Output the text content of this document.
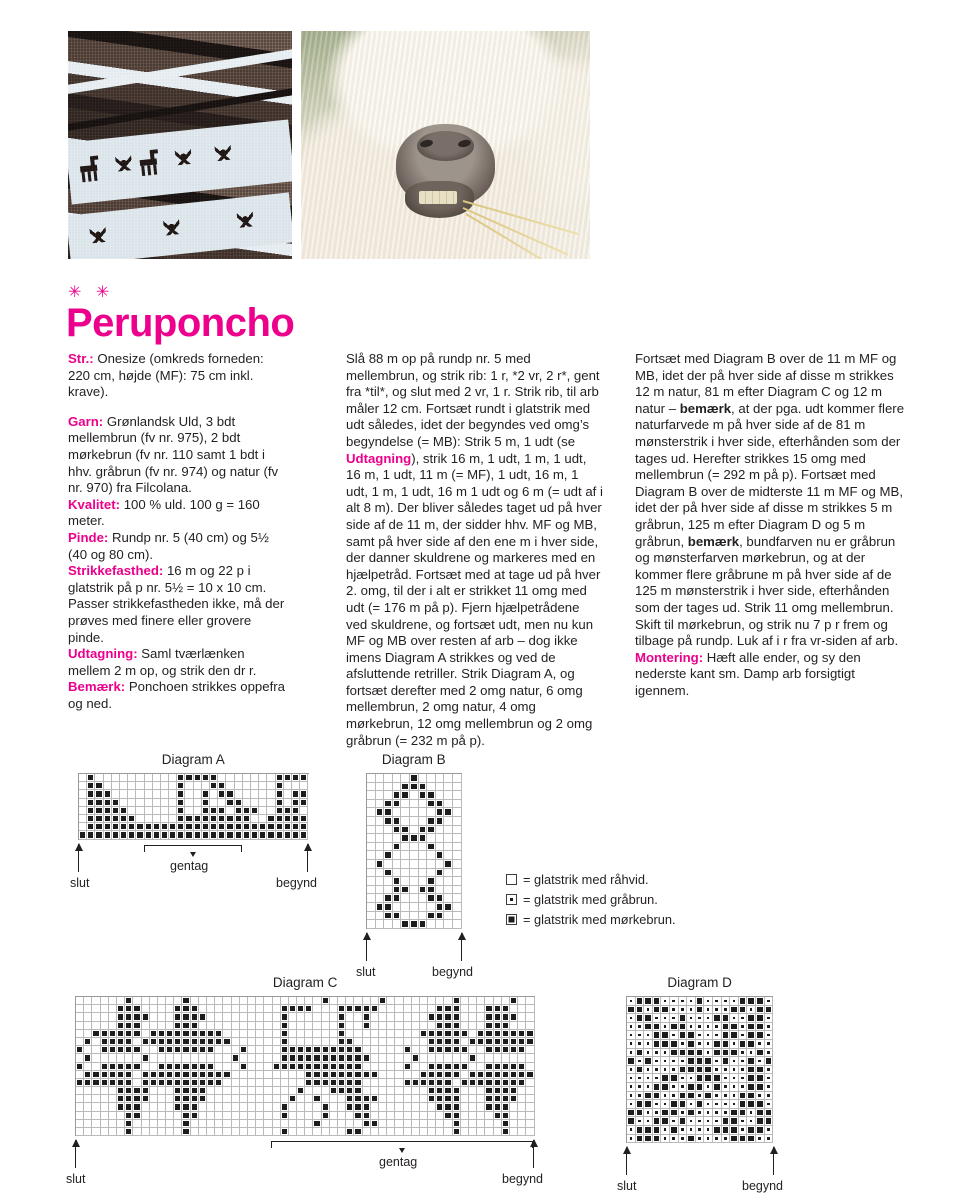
✳ ✳
Peruponcho

Str.: Onesize (omkreds forneden: 220 cm, højde (MF): 75 cm inkl. krave).

Garn: Grønlandsk Uld, 3 bdt mellembrun (fv nr. 975), 2 bdt mørkebrun (fv nr. 110 samt 1 bdt i hhv. gråbrun (fv nr. 974) og natur (fv nr. 970) fra Filcolana.

Kvalitet: 100 % uld. 100 g = 160 meter.

Pinde: Rundp nr. 5 (40 cm) og 5½ (40 og 80 cm).

Strikkefasthed: 16 m og 22 p i glatstrik på p nr. 5½ = 10 x 10 cm. Passer strikkefastheden ikke, må der prøves med finere eller grovere pinde.

Udtagning: Saml tværlænken mellem 2 m op, og strik den dr r.

Bemærk: Ponchoen strikkes oppefra og ned.

Slå 88 m op på rundp nr. 5 med mellembrun, og strik rib: 1 r, *2 vr, 2 r*, gent fra *til*, og slut med 2 vr, 1 r. Strik rib, til arb måler 12 cm. Fortsæt rundt i glatstrik med udt således, idet der begyndes ved omg’s begyndelse (= MB): Strik 5 m, 1 udt (se Udtagning), strik 16 m, 1 udt, 1 m, 1 udt, 16 m, 1 udt, 11 m (= MF), 1 udt, 16 m, 1 udt, 1 m, 1 udt, 16 m 1 udt og 6 m (= udt af i alt 8 m). Der bliver således taget ud på hver side af de 11 m, der sidder hhv. MF og MB, samt på hver side af den ene m i hver side, der danner skuldrene og markeres med en hjælpetråd. Fortsæt med at tage ud på hver 2. omg, til der i alt er strikket 11 omg med udt (= 176 m på p). Fjern hjælpetrådene ved skuldrene, og fortsæt udt, men nu kun MF og MB over resten af arb – dog ikke imens Diagram A strikkes og ved de afsluttende retriller. Strik Diagram A, og fortsæt derefter med 2 omg natur, 6 omg mellembrun, 2 omg natur, 4 omg mørkebrun, 12 omg mellembrun og 2 omg gråbrun (= 232 m på p).

Fortsæt med Diagram B over de 11 m MF og MB, idet der på hver side af disse m strikkes 12 m natur, 81 m efter Diagram C og 12 m natur – bemærk, at der pga. udt kommer flere naturfarvede m på hver side af de 81 m mønsterstrik i hver side, efterhånden som der tages ud. Herefter strikkes 15 omg med mellembrun (= 292 m på p). Fortsæt med Diagram B over de midterste 11 m MF og MB, idet der på hver side af disse m strikkes 5 m gråbrun, 125 m efter Diagram D og 5 m gråbrun, bemærk, bundfarven nu er gråbrun og mønsterfarven mørkebrun, og at der kommer flere gråbrune m på hver side af de 125 m mønsterstrik i hver side, efterhånden som der tages ud. Strik 11 omg mellembrun. Skift til mørkebrun, og strik nu 7 p r frem og tilbage på rundp. Luk af i r fra vr-siden af arb.

Montering: Hæft alle ender, og sy den nederste kant sm. Damp arb forsigtigt igennem.

Diagram A
slut	begynd
gentag
Diagram B
slut	begynd
= glatstrik med råhvid.
= glatstrik med gråbrun.
= glatstrik med mørkebrun.
Diagram C
slut	begynd
gentag
Diagram D
slut	begynd
